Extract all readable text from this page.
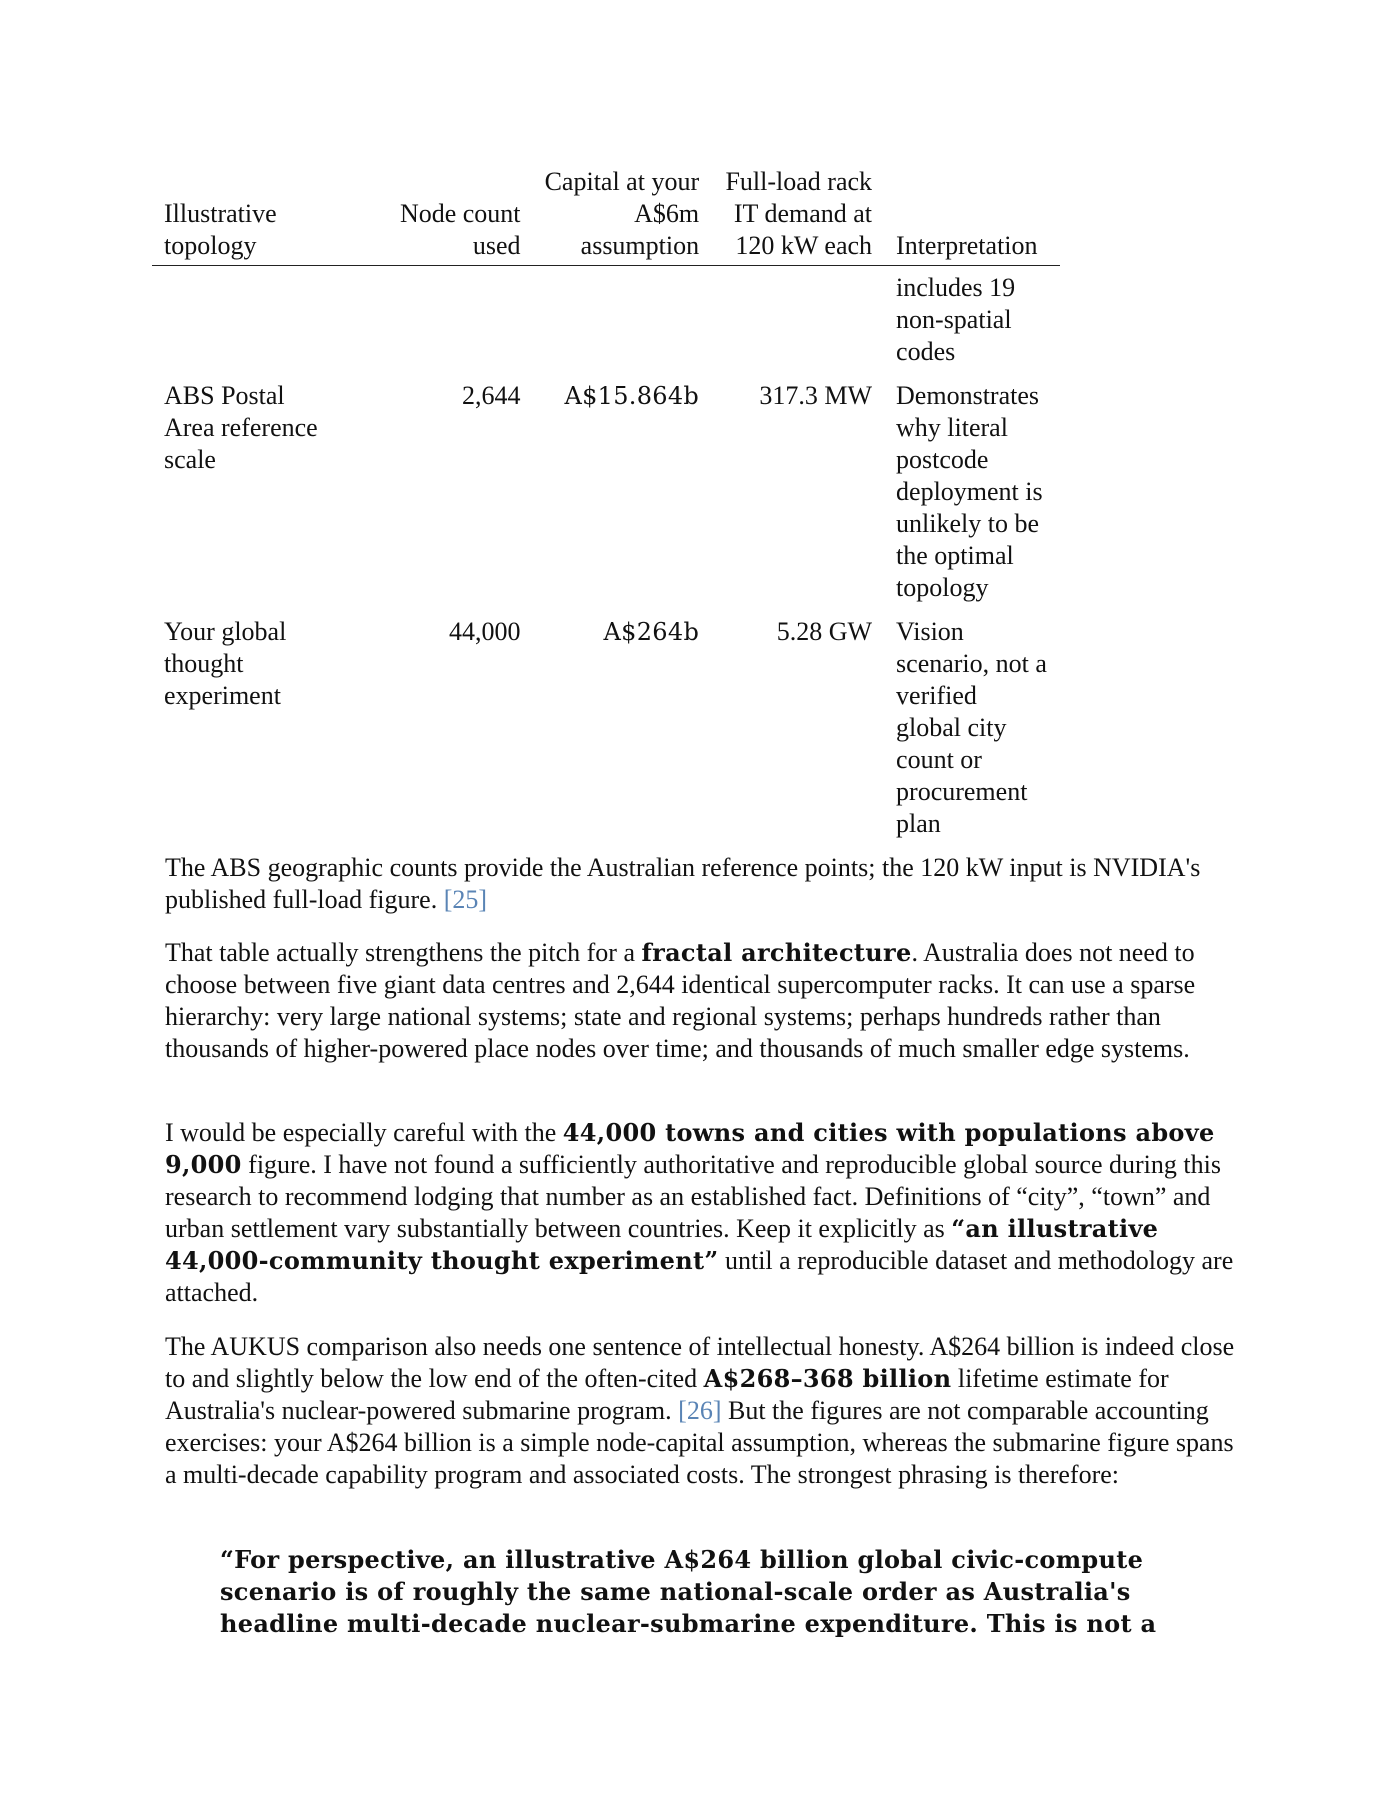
Illustrative topology	Node count used	Capital at your A$6m assumption	Full-load rack IT demand at 120 kW each	Interpretation
				includes 19 non-spatial codes
ABS Postal Area reference scale	2,644	A$15.864b	317.3 MW	Demonstrates why literal postcode deployment is unlikely to be the optimal topology
Your global thought experiment	44,000	A$264b	5.28 GW	Vision scenario, not a verified global city count or procurement plan

The ABS geographic counts provide the Australian reference points; the 120 kW input is NVIDIA's published full-load figure. [25]

That table actually strengthens the pitch for a fractal architecture. Australia does not need to choose between five giant data centres and 2,644 identical supercomputer racks. It can use a sparse hierarchy: very large national systems; state and regional systems; perhaps hundreds rather than thousands of higher-powered place nodes over time; and thousands of much smaller edge systems.

I would be especially careful with the 44,000 towns and cities with populations above 9,000 figure. I have not found a sufficiently authoritative and reproducible global source during this research to recommend lodging that number as an established fact. Definitions of “city”, “town” and urban settlement vary substantially between countries. Keep it explicitly as “an illustrative 44,000-community thought experiment” until a reproducible dataset and methodology are attached.

The AUKUS comparison also needs one sentence of intellectual honesty. A$264 billion is indeed close to and slightly below the low end of the often-cited A$268–368 billion lifetime estimate for Australia's nuclear-powered submarine program. [26] But the figures are not comparable accounting exercises: your A$264 billion is a simple node-capital assumption, whereas the submarine figure spans a multi-decade capability program and associated costs. The strongest phrasing is therefore:

“For perspective, an illustrative A$264 billion global civic-compute scenario is of roughly the same national-scale order as Australia's headline multi-decade nuclear-submarine expenditure. This is not a
